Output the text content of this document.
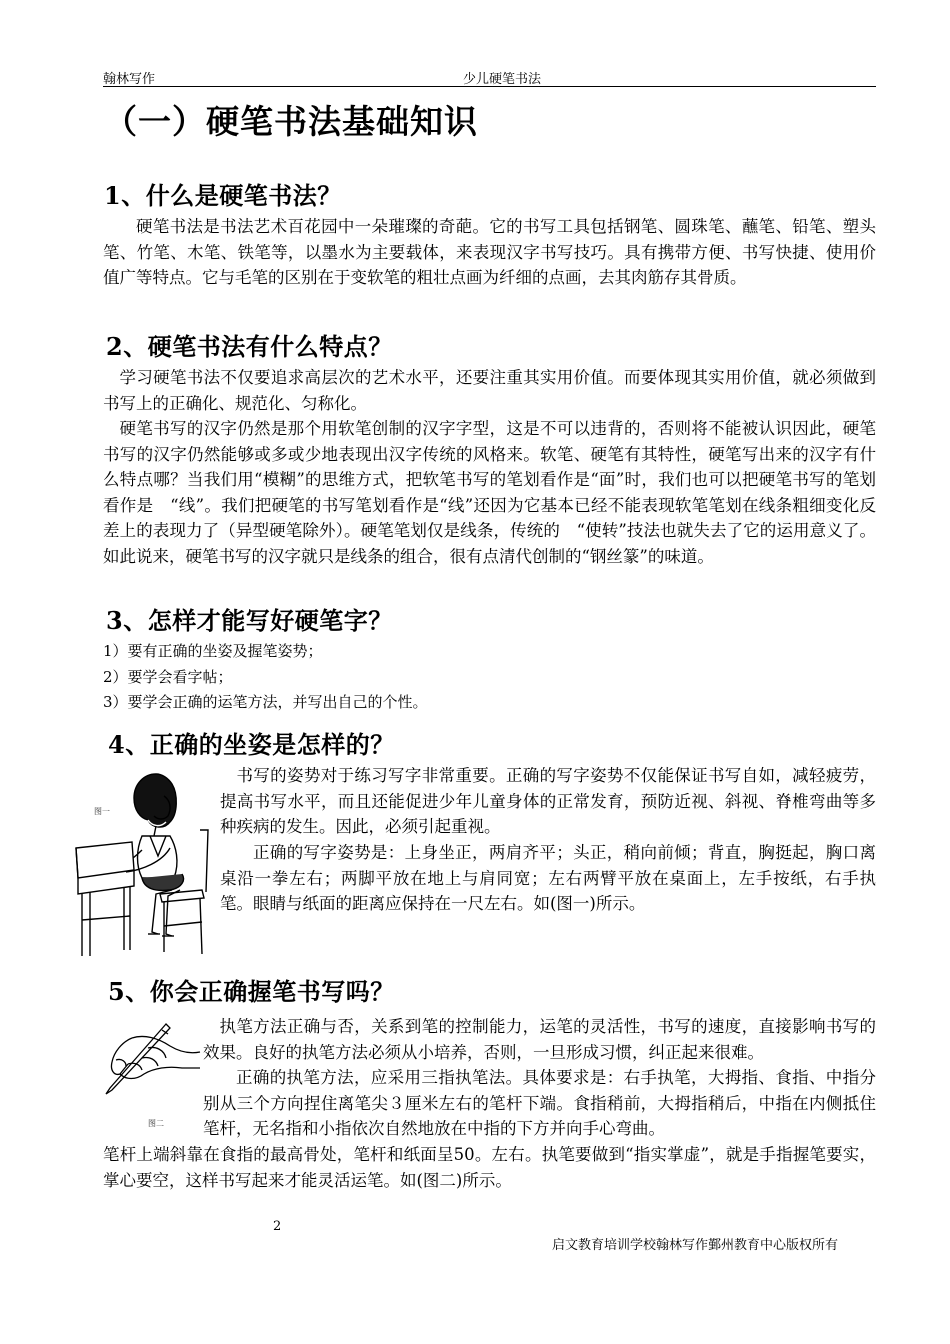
翰林写作	少儿硬笔书法
（一）硬笔书法基础知识
1、什么是硬笔书法？

硬笔书法是书法艺术百花园中一朵璀璨的奇葩。它的书写工具包括钢笔、圆珠笔、蘸笔、铅笔、塑头笔、竹笔、木笔、铁笔等，以墨水为主要载体，来表现汉字书写技巧。具有携带方便、书写快捷、使用价值广等特点。它与毛笔的区别在于变软笔的粗壮点画为纤细的点画，去其肉筋存其骨质。

2、硬笔书法有什么特点？

学习硬笔书法不仅要追求高层次的艺术水平，还要注重其实用价值。而要体现其实用价值，就必须做到书写上的正确化、规范化、匀称化。

硬笔书写的汉字仍然是那个用软笔创制的汉字字型，这是不可以违背的，否则将不能被认识因此，硬笔书写的汉字仍然能够或多或少地表现出汉字传统的风格来。软笔、硬笔有其特性，硬笔写出来的汉字有什么特点哪？当我们用“模糊”的思维方式，把软笔书写的笔划看作是“面”时，我们也可以把硬笔书写的笔划看作是　“线”。我们把硬笔的书写笔划看作是“线”还因为它基本已经不能表现软笔笔划在线条粗细变化反差上的表现力了（异型硬笔除外）。硬笔笔划仅是线条，传统的　“使转”技法也就失去了它的运用意义了。如此说来，硬笔书写的汉字就只是线条的组合，很有点清代创制的“钢丝篆”的味道。

3、怎样才能写好硬笔字？
1）要有正确的坐姿及握笔姿势；
2）要学会看字帖；
3）要学会正确的运笔方法，并写出自己的个性。
4、正确的坐姿是怎样的？
图一

书写的姿势对于练习写字非常重要。正确的写字姿势不仅能保证书写自如，减轻疲劳，提高书写水平，而且还能促进少年儿童身体的正常发育，预防近视、斜视、脊椎弯曲等多种疾病的发生。因此，必须引起重视。

正确的写字姿势是：上身坐正，两肩齐平；头正，稍向前倾；背直，胸挺起，胸口离桌沿一拳左右；两脚平放在地上与肩同宽；左右两臂平放在桌面上，左手按纸，右手执笔。眼睛与纸面的距离应保持在一尺左右。如(图一)所示。

5、你会正确握笔书写吗？
图二

执笔方法正确与否，关系到笔的控制能力，运笔的灵活性，书写的速度，直接影响书写的效果。良好的执笔方法必须从小培养，否则，一旦形成习惯，纠正起来很难。

正确的执笔方法，应采用三指执笔法。具体要求是：右手执笔，大拇指、食指、中指分别从三个方向捏住离笔尖３厘米左右的笔杆下端。食指稍前，大拇指稍后，中指在内侧抵住笔杆，无名指和小指依次自然地放在中指的下方并向手心弯曲。

笔杆上端斜靠在食指的最高骨处，笔杆和纸面呈50。左右。执笔要做到“指实掌虚”，就是手指握笔要实，掌心要空，这样书写起来才能灵活运笔。如(图二)所示。

2
启文教育培训学校翰林写作鄞州教育中心版权所有
